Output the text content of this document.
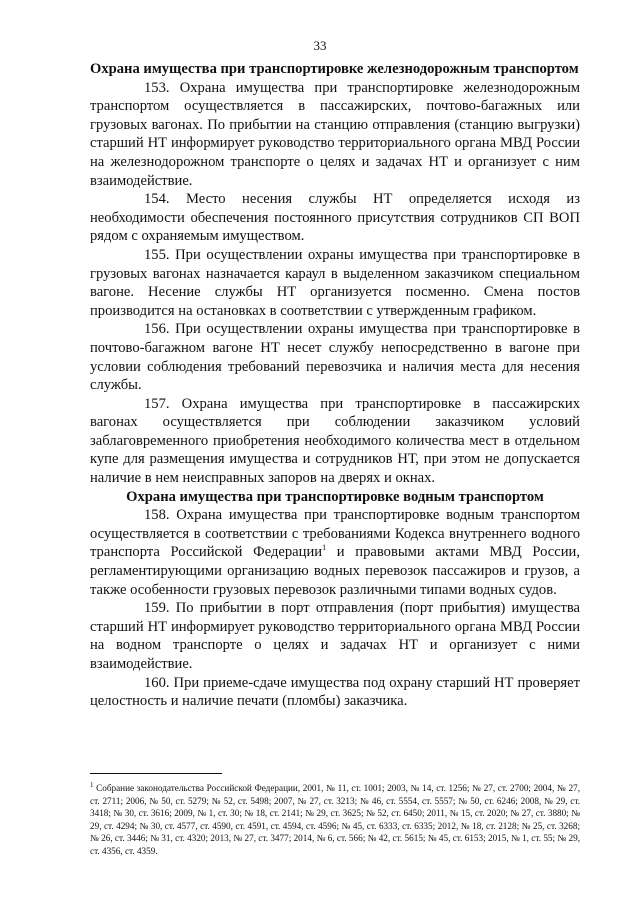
33
Охрана имущества при транспортировке железнодорожным транспортом

153. Охрана имущества при транспортировке железнодорожным транспортом осуществляется в пассажирских, почтово-багажных или грузовых вагонах. По прибытии на станцию отправления (станцию выгрузки) старший НТ информирует руководство территориального органа МВД России на железнодорожном транспорте о целях и задачах НТ и организует с ним взаимодействие.

154. Место несения службы НТ определяется исходя из необходимости обеспечения постоянного присутствия сотрудников СП ВОП рядом с охраняемым имуществом.

155. При осуществлении охраны имущества при транспортировке в грузовых вагонах назначается караул в выделенном заказчиком специальном вагоне. Несение службы НТ организуется посменно. Смена постов производится на остановках в соответствии с утвержденным графиком.

156. При осуществлении охраны имущества при транспортировке в почтово-багажном вагоне НТ несет службу непосредственно в вагоне при условии соблюдения требований перевозчика и наличия места для несения службы.

157. Охрана имущества при транспортировке в пассажирских вагонах осуществляется при соблюдении заказчиком условий заблаговременного приобретения необходимого количества мест в отдельном купе для размещения имущества и сотрудников НТ, при этом не допускается наличие в нем неисправных запоров на дверях и окнах.

Охрана имущества при транспортировке водным транспортом

158. Охрана имущества при транспортировке водным транспортом осуществляется в соответствии с требованиями Кодекса внутреннего водного транспорта Российской Федерации$^1$ и правовыми актами МВД России, регламентирующими организацию водных перевозок пассажиров и грузов, а также особенности грузовых перевозок различными типами водных судов.

159. По прибытии в порт отправления (порт прибытия) имущества старший НТ информирует руководство территориального органа МВД России на водном транспорте о целях и задачах НТ и организует с ними взаимодействие.

160. При приеме-сдаче имущества под охрану старший НТ проверяет целостность и наличие печати (пломбы) заказчика.

$^1$ Собрание законодательства Российской Федерации, 2001, № 11, ст. 1001; 2003, № 14, ст. 1256; № 27, ст. 2700; 2004, № 27, ст. 2711; 2006, № 50, ст. 5279; № 52, ст. 5498; 2007, № 27, ст. 3213; № 46, ст. 5554, ст. 5557; № 50, ст. 6246; 2008, № 29, ст. 3418; № 30, ст. 3616; 2009, № 1, ст. 30; № 18, ст. 2141; № 29, ст. 3625; № 52, ст. 6450; 2011, № 15, ст. 2020; № 27, ст. 3880; № 29, ст. 4294; № 30, ст. 4577, ст. 4590, ст. 4591, ст. 4594, ст. 4596; № 45, ст. 6333, ст. 6335; 2012, № 18, ст. 2128; № 25, ст. 3268; № 26, ст. 3446; № 31, ст. 4320; 2013, № 27, ст. 3477; 2014, № 6, ст. 566; № 42, ст. 5615; № 45, ст. 6153; 2015, № 1, ст. 55; № 29, ст. 4356, ст. 4359.
